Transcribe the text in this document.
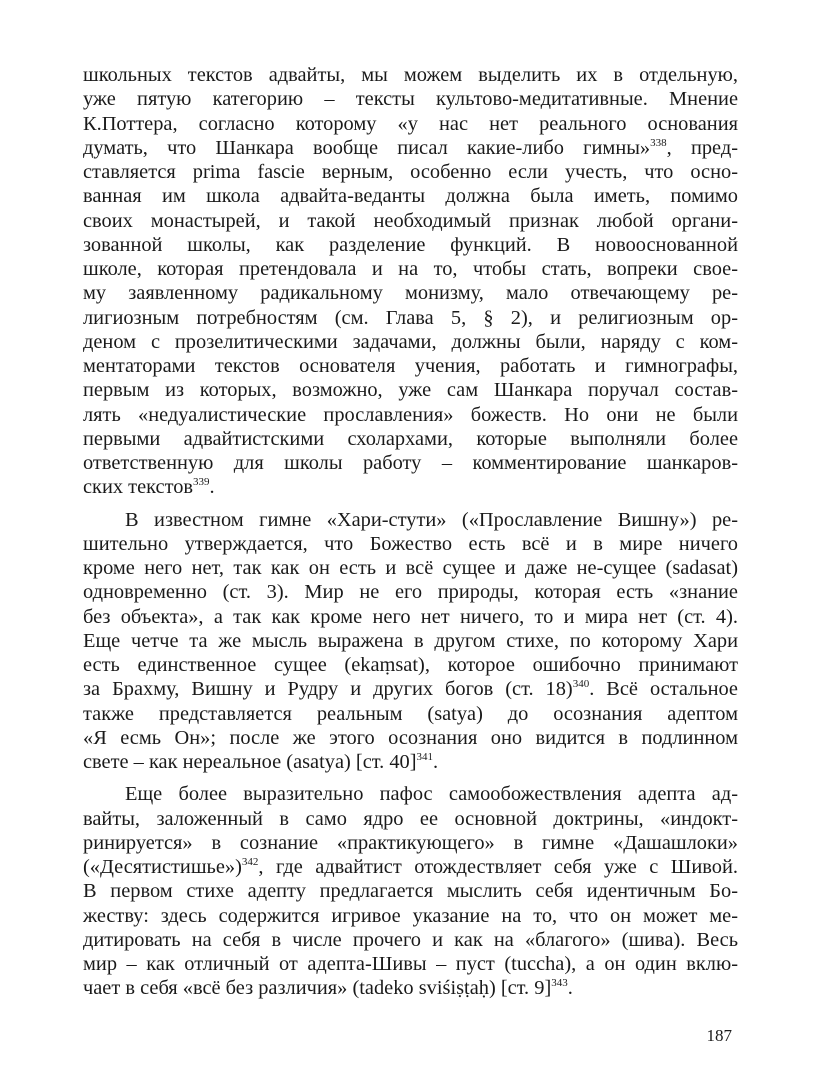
школьных текстов адвайты, мы можем выделить их в отдельную,
уже пятую категорию – тексты культово-медитативные. Мнение
К.Поттера, согласно которому «у нас нет реального основания
думать, что Шанкара вообще писал какие-либо гимны»$^{338}$, пред-
ставляется prima fascie верным, особенно если учесть, что осно-
ванная им школа адвайта-веданты должна была иметь, помимо
своих монастырей, и такой необходимый признак любой органи-
зованной школы, как разделение функций. В новооснованной
школе, которая претендовала и на то, чтобы стать, вопреки свое-
му заявленному радикальному монизму, мало отвечающему ре-
лигиозным потребностям (см. Глава 5, § 2), и религиозным ор-
деном с прозелитическими задачами, должны были, наряду с ком-
ментаторами текстов основателя учения, работать и гимнографы,
первым из которых, возможно, уже сам Шанкара поручал состав-
лять «недуалистические прославления» божеств. Но они не были
первыми адвайтистскими схолархами, которые выполняли более
ответственную для школы работу – комментирование шанкаров-
ских текстов$^{339}$.
В известном гимне «Хари-стути» («Прославление Вишну») ре-
шительно утверждается, что Божество есть всё и в мире ничего
кроме него нет, так как он есть и всё сущее и даже не-сущее (sadasat)
одновременно (ст. 3). Мир не его природы, которая есть «знание
без объекта», а так как кроме него нет ничего, то и мира нет (ст. 4).
Еще четче та же мысль выражена в другом стихе, по которому Хари
есть единственное сущее (ekaṃsat), которое ошибочно принимают
за Брахму, Вишну и Рудру и других богов (ст. 18)$^{340}$. Всё остальное
также представляется реальным (satya) до осознания адептом
«Я есмь Он»; после же этого осознания оно видится в подлинном
свете – как нереальное (asatya) [ст. 40]$^{341}$.
Еще более выразительно пафос самообожествления адепта ад-
вайты, заложенный в само ядро ее основной доктрины, «индокт-
ринируется» в сознание «практикующего» в гимне «Дашашлоки»
(«Десятистишье»)$^{342}$, где адвайтист отождествляет себя уже с Шивой.
В первом стихе адепту предлагается мыслить себя идентичным Бо-
жеству: здесь содержится игривое указание на то, что он может ме-
дитировать на себя в числе прочего и как на «благого» (шива). Весь
мир – как отличный от адепта-Шивы – пуст (tuccha), а он один вклю-
чает в себя «всё без различия» (tadeko sviśiṣṭaḥ) [ст. 9]$^{343}$.
187
